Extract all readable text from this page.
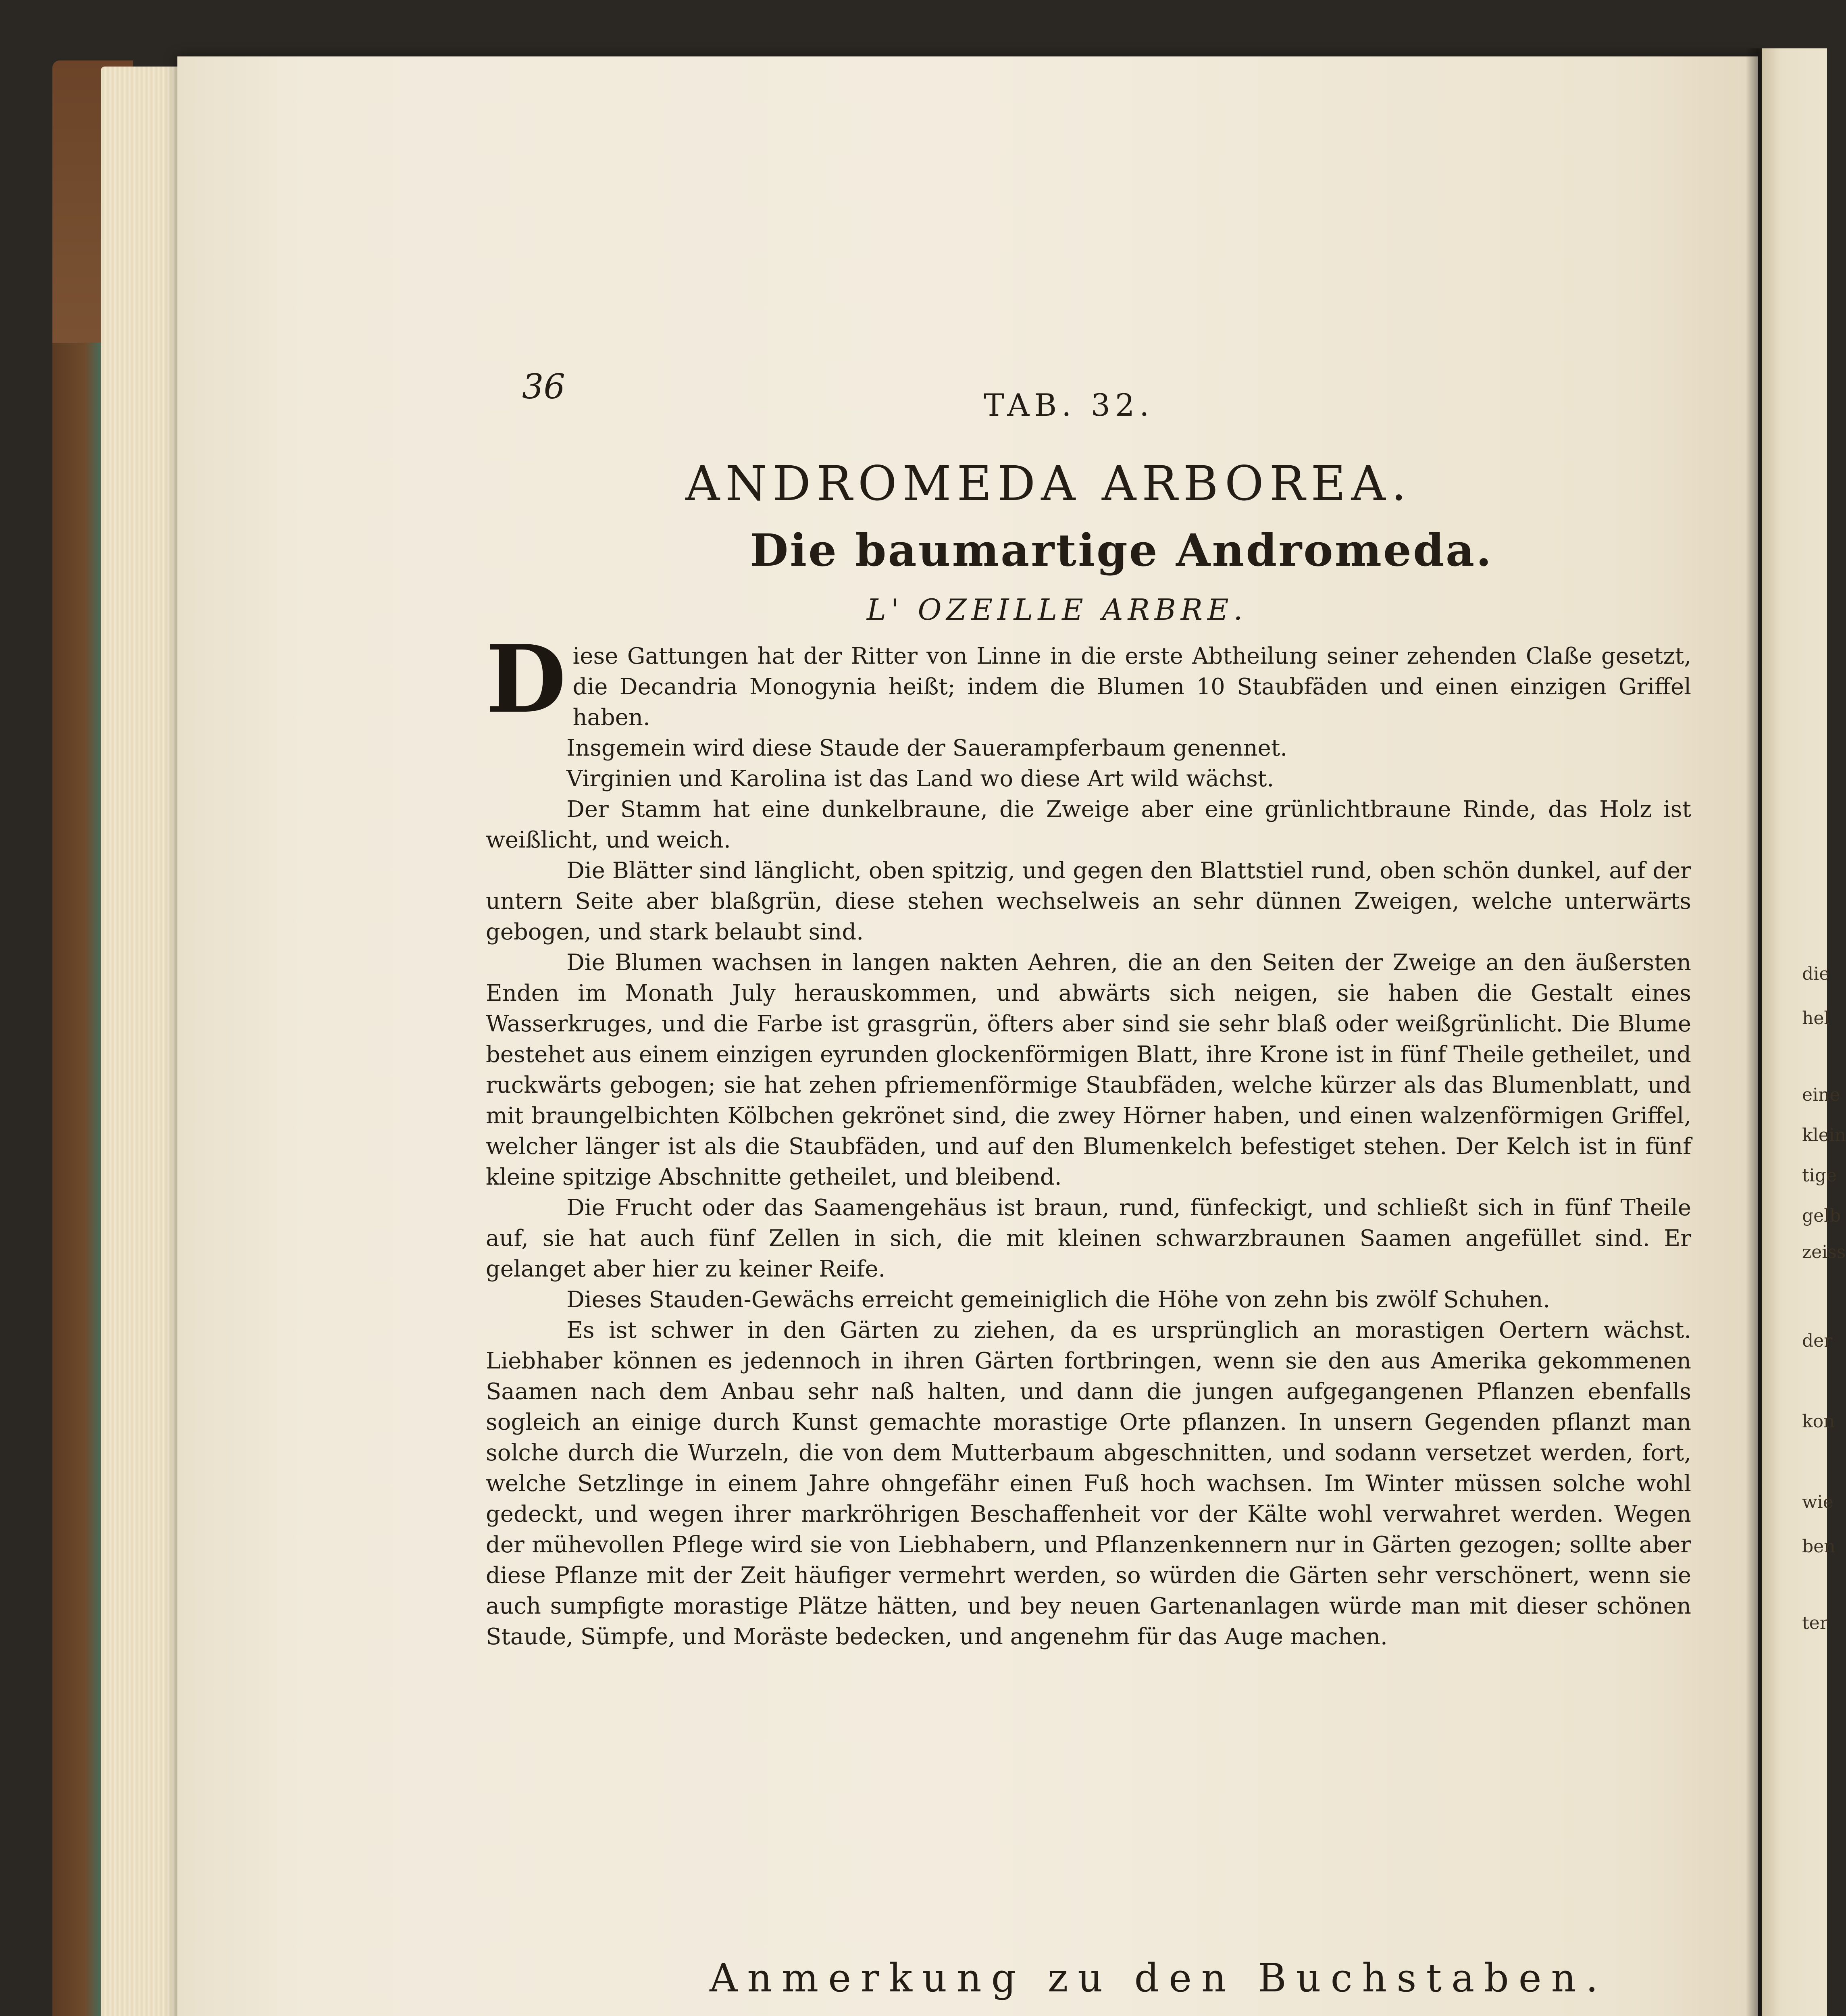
die
hel
eine
klein
tige
gelb
zeiss
der
kon
wie
ben
ter
36	TAB. 32.
ANDROMEDA ARBOREA.
Die baumartige Andromeda.
L' OZEILLE ARBRE.

Diese Gattungen hat der Ritter von Linne in die erste Abtheilung seiner zehenden Claße gesetzt, die Decandria Monogynia heißt; indem die Blumen 10 Staubfäden und einen einzigen Griffel haben.

Insgemein wird diese Staude der Sauerampferbaum genennet.

Virginien und Karolina ist das Land wo diese Art wild wächst.

Der Stamm hat eine dunkelbraune, die Zweige aber eine grünlichtbraune Rinde, das Holz ist weißlicht, und weich.

Die Blätter sind länglicht, oben spitzig, und gegen den Blattstiel rund, oben schön dunkel, auf der untern Seite aber blaßgrün, diese stehen wechselweis an sehr dünnen Zweigen, welche unterwärts gebogen, und stark belaubt sind.

Die Blumen wachsen in langen nakten Aehren, die an den Seiten der Zweige an den äußersten Enden im Monath July herauskommen, und abwärts sich neigen, sie haben die Gestalt eines Wasserkruges, und die Farbe ist grasgrün, öfters aber sind sie sehr blaß oder weißgrünlicht. Die Blume bestehet aus einem einzigen eyrunden glockenförmigen Blatt, ihre Krone ist in fünf Theile getheilet, und ruckwärts gebogen; sie hat zehen pfriemenförmige Staubfäden, welche kürzer als das Blumenblatt, und mit braungelbichten Kölbchen gekrönet sind, die zwey Hörner haben, und einen walzenförmigen Griffel, welcher länger ist als die Staubfäden, und auf den Blumenkelch befestiget stehen. Der Kelch ist in fünf kleine spitzige Abschnitte getheilet, und bleibend.

Die Frucht oder das Saamengehäus ist braun, rund, fünfeckigt, und schließt sich in fünf Theile auf, sie hat auch fünf Zellen in sich, die mit kleinen schwarzbraunen Saamen angefüllet sind. Er gelanget aber hier zu keiner Reife.

Dieses Stauden-Gewächs erreicht gemeiniglich die Höhe von zehn bis zwölf Schuhen.

Es ist schwer in den Gärten zu ziehen, da es ursprünglich an morastigen Oertern wächst. Liebhaber können es jedennoch in ihren Gärten fortbringen, wenn sie den aus Amerika gekommenen Saamen nach dem Anbau sehr naß halten, und dann die jungen aufgegangenen Pflanzen ebenfalls sogleich an einige durch Kunst gemachte morastige Orte pflanzen. In unsern Gegenden pflanzt man solche durch die Wurzeln, die von dem Mutterbaum abgeschnitten, und sodann versetzet werden, fort, welche Setzlinge in einem Jahre ohngefähr einen Fuß hoch wachsen. Im Winter müssen solche wohl gedeckt, und wegen ihrer markröhrigen Beschaffenheit vor der Kälte wohl verwahret werden. Wegen der mühevollen Pflege wird sie von Liebhabern, und Pflanzenkennern nur in Gärten gezogen; sollte aber diese Pflanze mit der Zeit häufiger vermehrt werden, so würden die Gärten sehr verschönert, wenn sie auch sumpfigte morastige Plätze hätten, und bey neuen Gartenanlagen würde man mit dieser schönen Staude, Sümpfe, und Moräste bedecken, und angenehm für das Auge machen.

Anmerkung zu den Buchstaben.
